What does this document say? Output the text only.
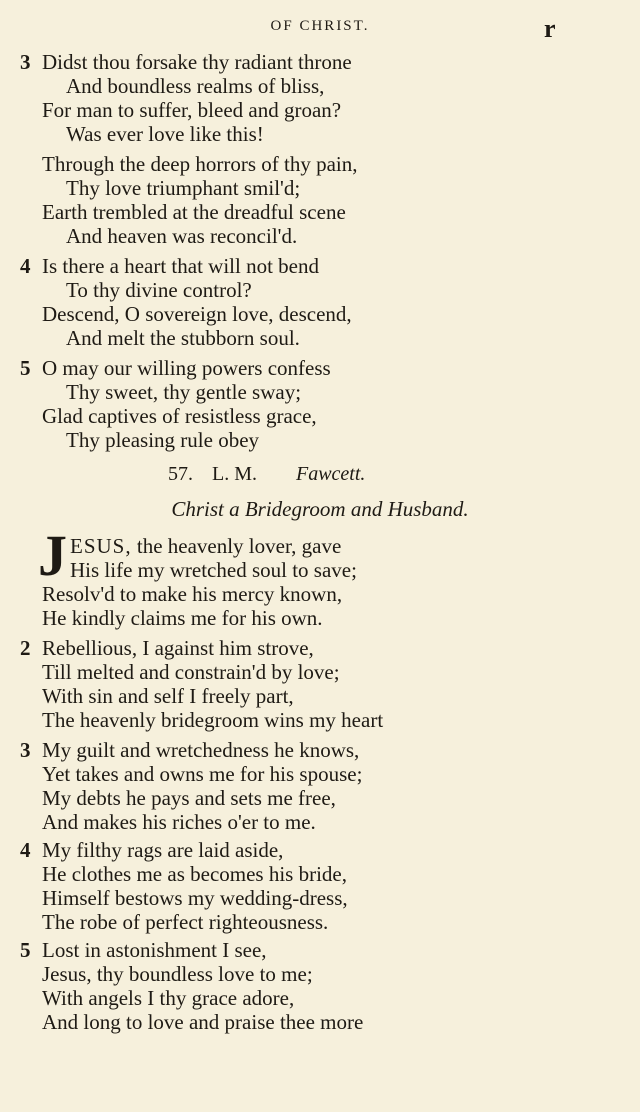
OF CHRIST.	r
3 Didst thou forsake thy radiant throne
And boundless realms of bliss,
For man to suffer, bleed and groan?
Was ever love like this!
Through the deep horrors of thy pain,
Thy love triumphant smil'd;
Earth trembled at the dreadful scene
And heaven was reconcil'd.
4 Is there a heart that will not bend
To thy divine control?
Descend, O sovereign love, descend,
And melt the stubborn soul.
5 O may our willing powers confess
Thy sweet, thy gentle sway;
Glad captives of resistless grace,
Thy pleasing rule obey
57. L. M. Fawcett.
Christ a Bridegroom and Husband.
J ESUS, the heavenly lover, gave
His life my wretched soul to save;
Resolv'd to make his mercy known,
He kindly claims me for his own.
2 Rebellious, I against him strove,
Till melted and constrain'd by love;
With sin and self I freely part,
The heavenly bridegroom wins my heart
3 My guilt and wretchedness he knows,
Yet takes and owns me for his spouse;
My debts he pays and sets me free,
And makes his riches o'er to me.
4 My filthy rags are laid aside,
He clothes me as becomes his bride,
Himself bestows my wedding-dress,
The robe of perfect righteousness.
5 Lost in astonishment I see,
Jesus, thy boundless love to me;
With angels I thy grace adore,
And long to love and praise thee more
